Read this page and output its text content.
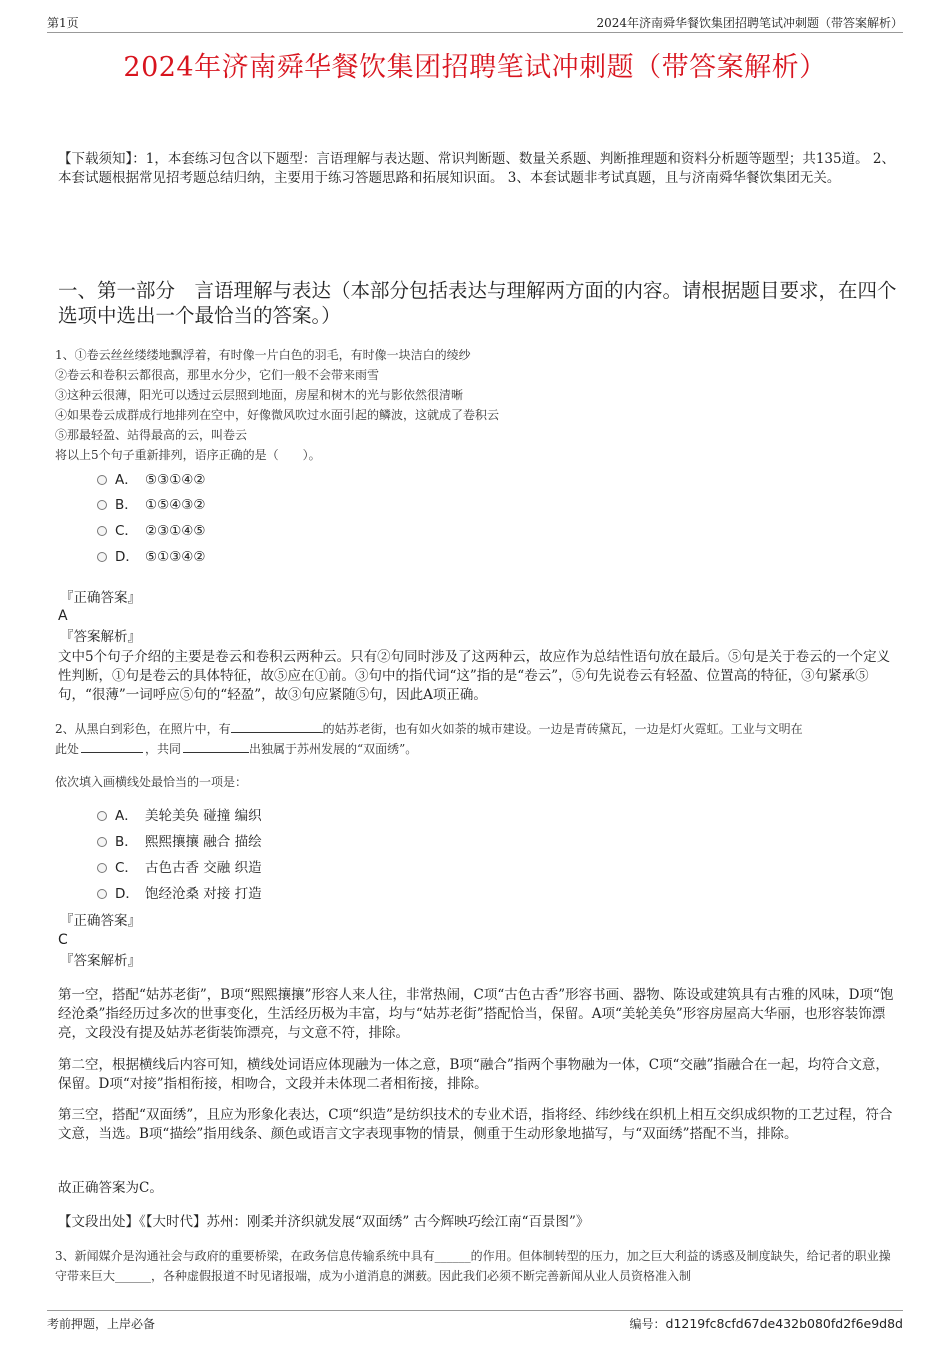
第1页	2024年济南舜华餐饮集团招聘笔试冲刺题（带答案解析）
2024年济南舜华餐饮集团招聘笔试冲刺题（带答案解析）
【下载须知】：1，本套练习包含以下题型：言语理解与表达题、常识判断题、数量关系题、判断推理题和资料分析题等题型；共135道。 2、本套试题根据常见招考题总结归纳，主要用于练习答题思路和拓展知识面。 3、本套试题非考试真题，且与济南舜华餐饮集团无关。
一、第一部分　言语理解与表达（本部分包括表达与理解两方面的内容。请根据题目要求，在四个选项中选出一个最恰当的答案。）
1、①卷云丝丝缕缕地飘浮着，有时像一片白色的羽毛，有时像一块洁白的绫纱
②卷云和卷积云都很高，那里水分少，它们一般不会带来雨雪
③这种云很薄，阳光可以透过云层照到地面，房屋和树木的光与影依然很清晰
④如果卷云成群成行地排列在空中，好像微风吹过水面引起的鳞波，这就成了卷积云
⑤那最轻盈、站得最高的云，叫卷云
将以上5个句子重新排列，语序正确的是（　　）。
A． ⑤③①④②
B． ①⑤④③②
C． ②③①④⑤
D． ⑤①③④②
『正确答案』
A
『答案解析』
文中5个句子介绍的主要是卷云和卷积云两种云。只有②句同时涉及了这两种云，故应作为总结性语句放在最后。⑤句是关于卷云的一个定义性判断，①句是卷云的具体特征，故⑤应在①前。③句中的指代词“这”指的是“卷云”，⑤句先说卷云有轻盈、位置高的特征，③句紧承⑤句，“很薄”一词呼应⑤句的“轻盈”，故③句应紧随⑤句，因此A项正确。
2、从黑白到彩色，在照片中，有	的姑苏老街，也有如火如荼的城市建设。一边是青砖黛瓦，一边是灯火霓虹。工业与文明在
此处	，共同	出独属于苏州发展的“双面绣”。
依次填入画横线处最恰当的一项是：
A． 美轮美奂 碰撞 编织
B． 熙熙攘攘 融合 描绘
C． 古色古香 交融 织造
D． 饱经沧桑 对接 打造
『正确答案』
C
『答案解析』
第一空，搭配“姑苏老街”，B项“熙熙攘攘”形容人来人往，非常热闹，C项“古色古香”形容书画、器物、陈设或建筑具有古雅的风味，D项“饱经沧桑”指经历过多次的世事变化，生活经历极为丰富，均与“姑苏老街”搭配恰当，保留。A项“美轮美奂”形容房屋高大华丽，也形容装饰漂亮，文段没有提及姑苏老街装饰漂亮，与文意不符，排除。
第二空，根据横线后内容可知，横线处词语应体现融为一体之意，B项“融合”指两个事物融为一体，C项“交融”指融合在一起，均符合文意，保留。D项“对接”指相衔接，相吻合，文段并未体现二者相衔接，排除。
第三空，搭配“双面绣”，且应为形象化表达，C项“织造”是纺织技术的专业术语，指将经、纬纱线在织机上相互交织成织物的工艺过程，符合文意，当选。B项“描绘”指用线条、颜色或语言文字表现事物的情景，侧重于生动形象地描写，与“双面绣”搭配不当，排除。
故正确答案为C。
【文段出处】《【大时代】苏州：刚柔并济织就发展“双面绣” 古今辉映巧绘江南“百景图”》
3、新闻媒介是沟通社会与政府的重要桥梁，在政务信息传输系统中具有______的作用。但体制转型的压力，加之巨大利益的诱惑及制度缺失，给记者的职业操守带来巨大______，各种虚假报道不时见诸报端，成为小道消息的渊薮。因此我们必须不断完善新闻从业人员资格准入制
考前押题，上岸必备	编号：d1219fc8cfd67de432b080fd2f6e9d8d
